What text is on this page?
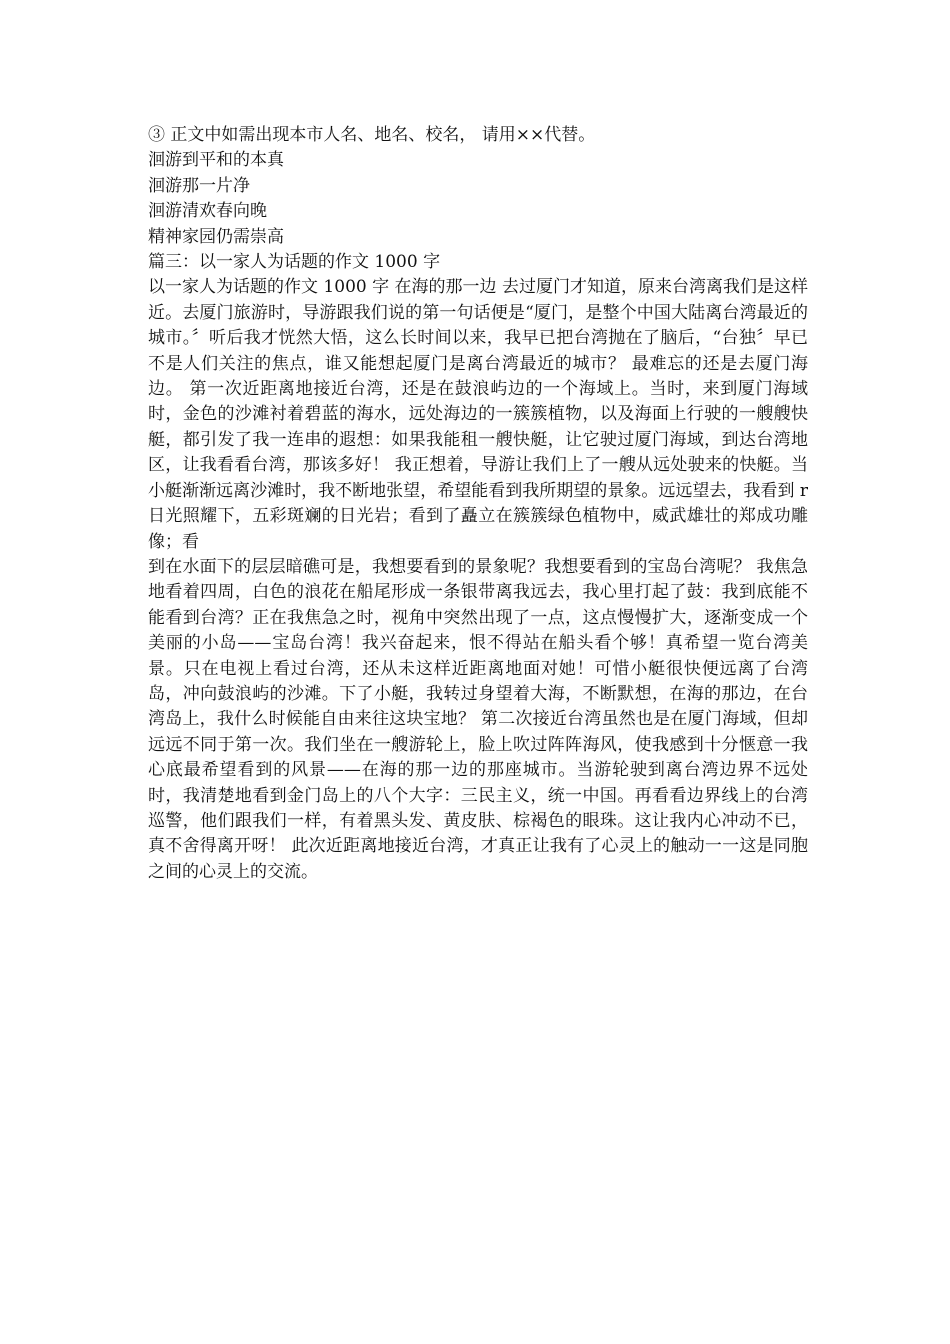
③ 正文中如需出现本市人名、地名、校名， 请用××代替。
洄游到平和的本真
洄游那一片净
洄游清欢春向晚
精神家园仍需崇高
篇三：以一家人为话题的作文 1000 字
以一家人为话题的作文 1000 字 在海的那一边 去过厦门才知道，原来台湾离我们是这样近。去厦门旅游时，导游跟我们说的第一句话便是“厦门，是整个中国大陆离台湾最近的城市。〞听后我才恍然大悟，这么长时间以来，我早已把台湾抛在了脑后，“台独〞早已不是人们关注的焦点，谁又能想起厦门是离台湾最近的城市？ 最难忘的还是去厦门海边。 第一次近距离地接近台湾，还是在鼓浪屿边的一个海域上。当时，来到厦门海域时，金色的沙滩衬着碧蓝的海水，远处海边的一簇簇植物，以及海面上行驶的一艘艘快艇，都引发了我一连串的遐想：如果我能租一艘快艇，让它驶过厦门海域，到达台湾地区，让我看看台湾，那该多好！ 我正想着，导游让我们上了一艘从远处驶来的快艇。当小艇渐渐远离沙滩时，我不断地张望，希望能看到我所期望的景象。远远望去，我看到 r 日光照耀下，五彩斑斓的日光岩；看到了矗立在簇簇绿色植物中，威武雄壮的郑成功雕像；看
到在水面下的层层暗礁可是，我想要看到的景象呢？我想要看到的宝岛台湾呢？ 我焦急地看着四周，白色的浪花在船尾形成一条银带离我远去，我心里打起了鼓：我到底能不能看到台湾？正在我焦急之时，视角中突然出现了一点，这点慢慢扩大，逐渐变成一个美丽的小岛——宝岛台湾！我兴奋起来，恨不得站在船头看个够！真希望一览台湾美景。只在电视上看过台湾，还从未这样近距离地面对她！可惜小艇很快便远离了台湾岛，冲向鼓浪屿的沙滩。下了小艇，我转过身望着大海，不断默想，在海的那边，在台湾岛上，我什么时候能自由来往这块宝地？ 第二次接近台湾虽然也是在厦门海域，但却远远不同于第一次。我们坐在一艘游轮上，脸上吹过阵阵海风，使我感到十分惬意一我心底最希望看到的风景——在海的那一边的那座城市。当游轮驶到离台湾边界不远处时，我清楚地看到金门岛上的八个大字：三民主义，统一中国。再看看边界线上的台湾巡警，他们跟我们一样，有着黑头发、黄皮肤、棕褐色的眼珠。这让我内心冲动不已，真不舍得离开呀！ 此次近距离地接近台湾，才真正让我有了心灵上的触动一一这是同胞之间的心灵上的交流。
